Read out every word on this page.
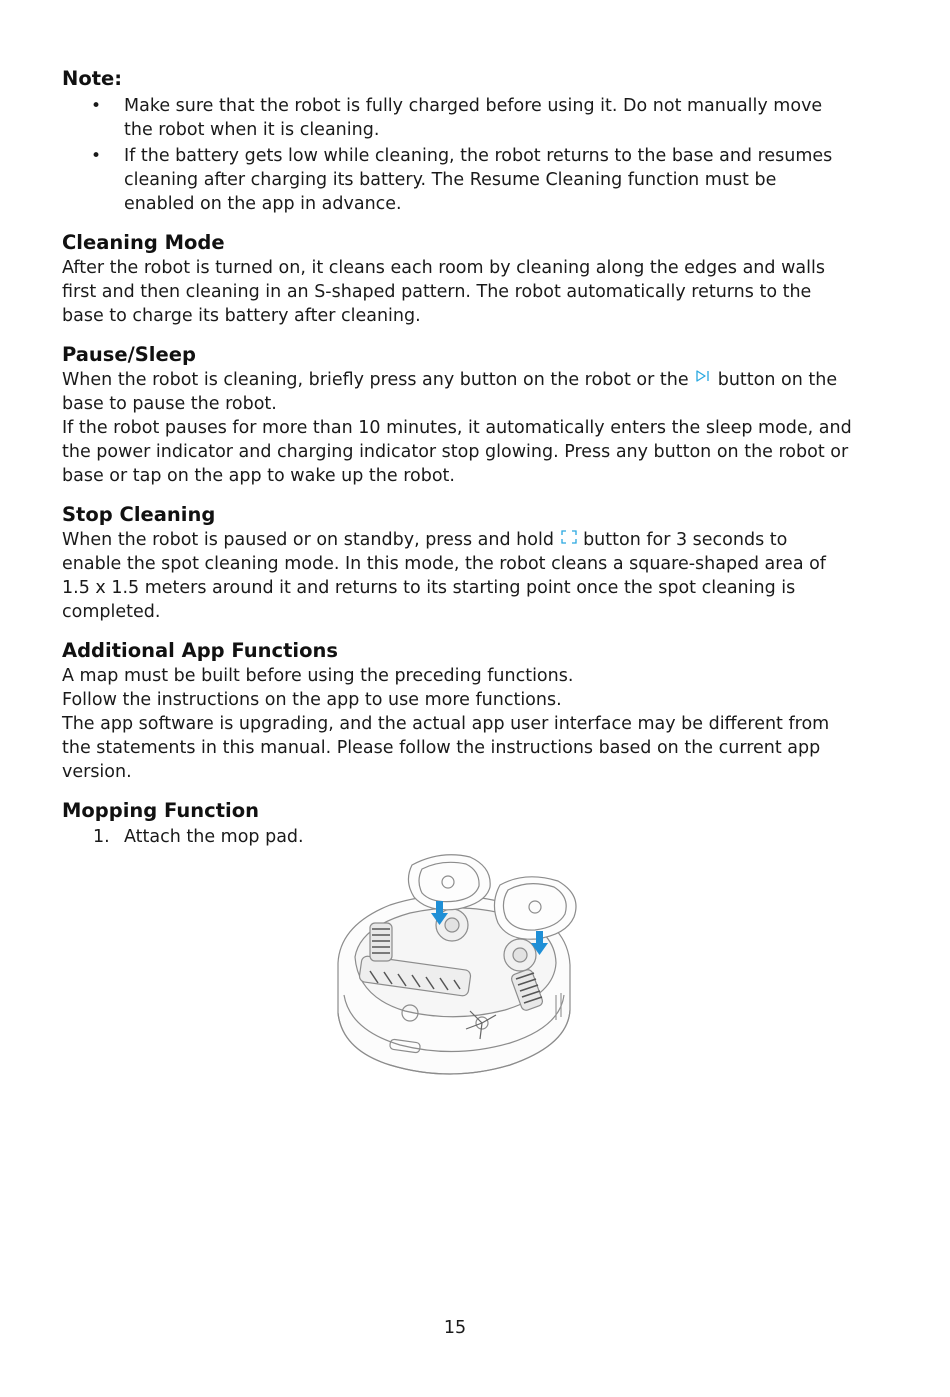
Note:
• Make sure that the robot is fully charged before using it. Do not manually move the robot when it is cleaning.
• If the battery gets low while cleaning, the robot returns to the base and resumes cleaning after charging its battery. The Resume Cleaning function must be enabled on the app in advance.
Cleaning Mode

After the robot is turned on, it cleans each room by cleaning along the edges and walls first and then cleaning in an S-shaped pattern. The robot automatically returns to the base to charge its battery after cleaning.

Pause/Sleep

When the robot is cleaning, briefly press any button on the robot or the  button on the base to pause the robot.

If the robot pauses for more than 10 minutes, it automatically enters the sleep mode, and the power indicator and charging indicator stop glowing. Press any button on the robot or base or tap on the app to wake up the robot.

Stop Cleaning

When the robot is paused or on standby, press and hold  button for 3 seconds to enable the spot cleaning mode. In this mode, the robot cleans a square-shaped area of 1.5 x 1.5 meters around it and returns to its starting point once the spot cleaning is completed.

Additional App Functions

A map must be built before using the preceding functions.

Follow the instructions on the app to use more functions.

The app software is upgrading, and the actual app user interface may be different from the statements in this manual. Please follow the instructions based on the current app version.

Mopping Function
1. Attach the mop pad.
15
